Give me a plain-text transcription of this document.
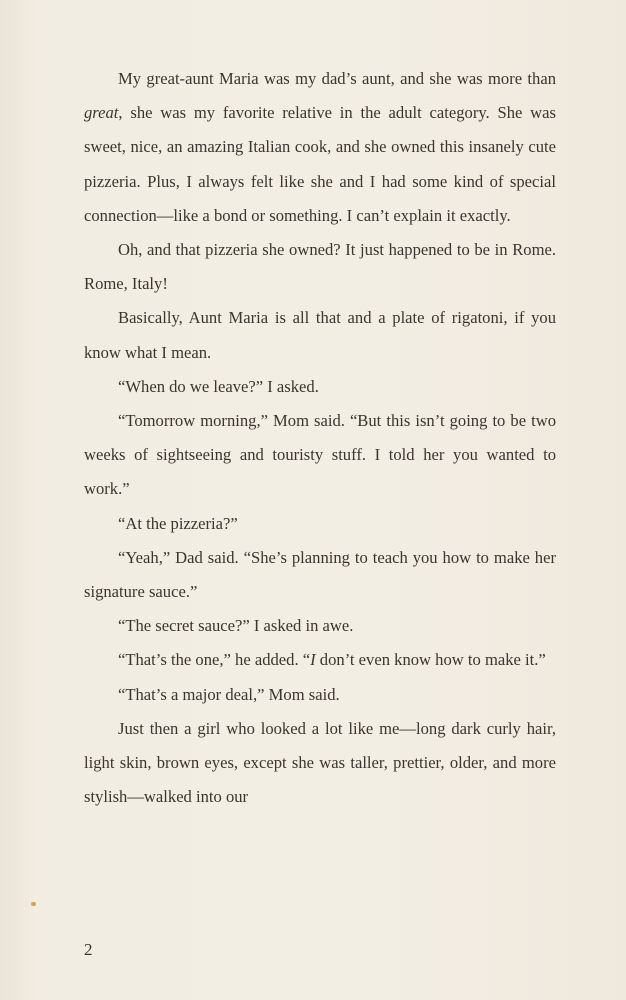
My great-aunt Maria was my dad’s aunt, and she was more than great, she was my favorite relative in the adult category. She was sweet, nice, an amazing Italian cook, and she owned this insanely cute pizzeria. Plus, I always felt like she and I had some kind of special connection—like a bond or something. I can’t explain it exactly.

Oh, and that pizzeria she owned? It just happened to be in Rome. Rome, Italy!

Basically, Aunt Maria is all that and a plate of rigatoni, if you know what I mean.

“When do we leave?” I asked.

“Tomorrow morning,” Mom said. “But this isn’t going to be two weeks of sightseeing and touristy stuff. I told her you wanted to work.”

“At the pizzeria?”

“Yeah,” Dad said. “She’s planning to teach you how to make her signature sauce.”

“The secret sauce?” I asked in awe.

“That’s the one,” he added. “I don’t even know how to make it.”

“That’s a major deal,” Mom said.

Just then a girl who looked a lot like me—long dark curly hair, light skin, brown eyes, except she was taller, prettier, older, and more stylish—walked into our

2
